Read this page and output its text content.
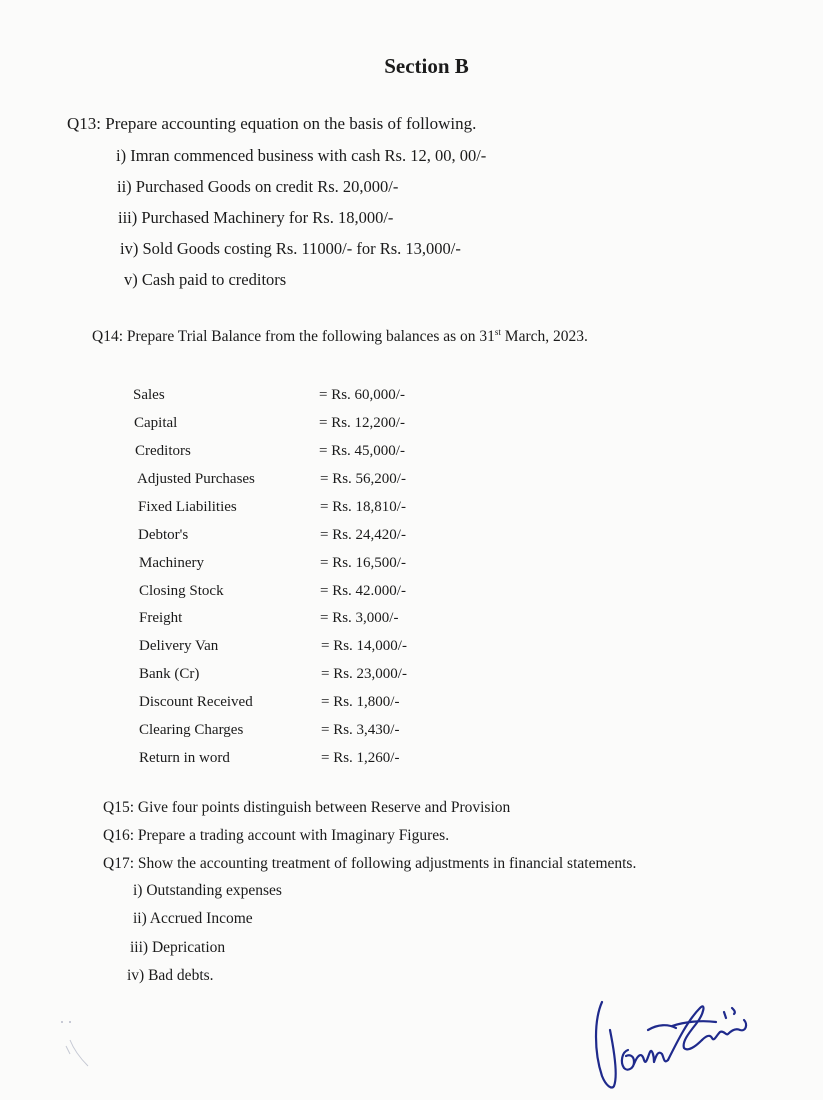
Section B
Q13: Prepare accounting equation on the basis of following.
i) Imran commenced business with cash Rs. 12, 00, 00/-
ii) Purchased Goods on credit Rs. 20,000/-
iii) Purchased Machinery for Rs. 18,000/-
iv) Sold Goods costing Rs. 11000/- for Rs. 13,000/-
v) Cash paid to creditors
Q14: Prepare Trial Balance from the following balances as on 31st March, 2023.
Sales	= Rs. 60,000/-
Capital	= Rs. 12,200/-
Creditors	= Rs. 45,000/-
Adjusted Purchases	= Rs. 56,200/-
Fixed Liabilities	= Rs. 18,810/-
Debtor's	= Rs. 24,420/-
Machinery	= Rs. 16,500/-
Closing Stock	= Rs. 42.000/-
Freight	= Rs. 3,000/-
Delivery Van	= Rs. 14,000/-
Bank (Cr)	= Rs. 23,000/-
Discount Received	= Rs. 1,800/-
Clearing Charges	= Rs. 3,430/-
Return in word	= Rs. 1,260/-
Q15: Give four points distinguish between Reserve and Provision
Q16: Prepare a trading account with Imaginary Figures.
Q17: Show the accounting treatment of following adjustments in financial statements.
i) Outstanding expenses
ii) Accrued Income
iii) Deprication
iv) Bad debts.
